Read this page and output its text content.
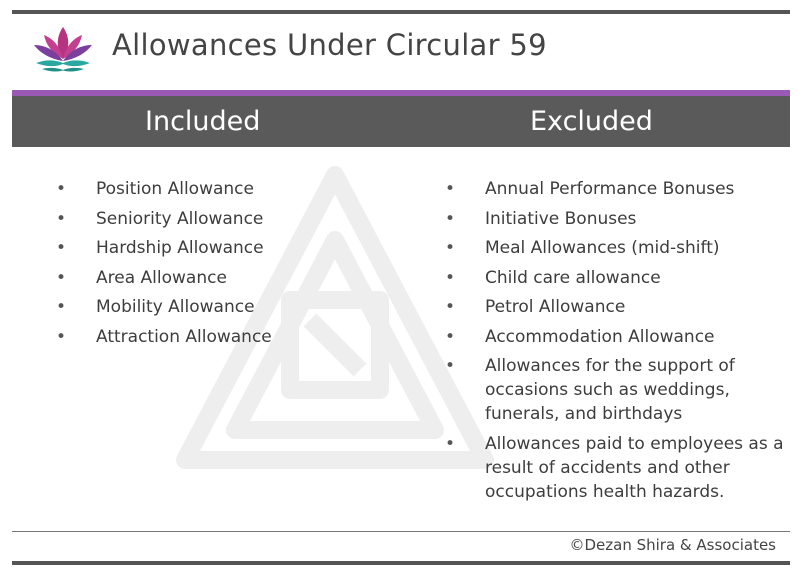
Allowances Under Circular 59
Included	Excluded
• Position Allowance
• Seniority Allowance
• Hardship Allowance
• Area Allowance
• Mobility Allowance
• Attraction Allowance
• Annual Performance Bonuses
• Initiative Bonuses
• Meal Allowances (mid-shift)
• Child care allowance
• Petrol Allowance
• Accommodation Allowance
• Allowances for the support of occasions such as weddings, funerals, and birthdays
• Allowances paid to employees as a result of accidents and other occupations health hazards.
©Dezan Shira & Associates
